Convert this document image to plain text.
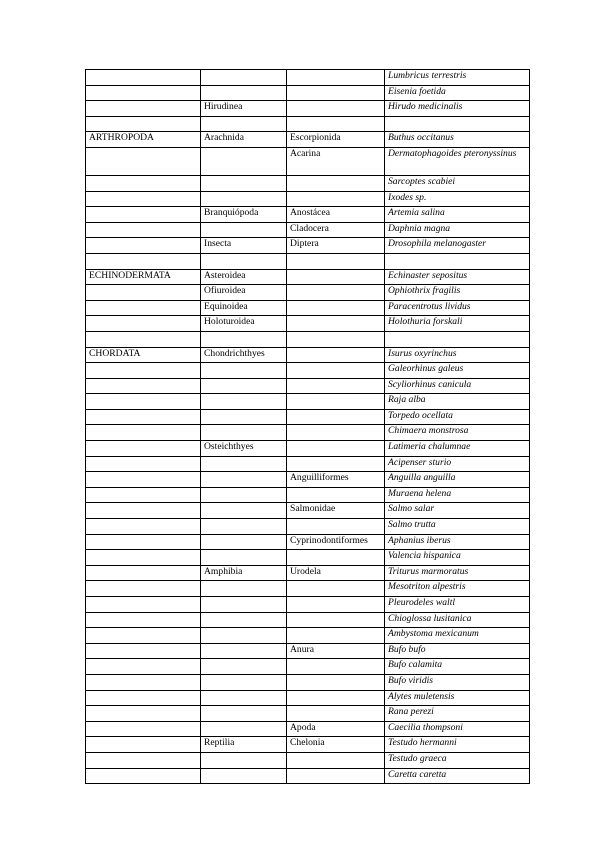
			Lumbricus terrestris
			Eisenia foetida
	Hirudinea		Hirudo medicinalis

ARTHROPODA	Arachnida	Escorpionida	Buthus occitanus
		Acarina	Dermatophagoides pteronyssinus
			Sarcoptes scabiei
			Ixodes sp.
	Branquiópoda	Anostácea	Artemia salina
		Cladocera	Daphnia magna
	Insecta	Diptera	Drosophila melanogaster

ECHINODERMATA	Asteroidea		Echinaster sepositus
	Ofiuroidea		Ophiothrix fragilis
	Equinoidea		Paracentrotus lividus
	Holoturoidea		Holothuria forskali

CHORDATA	Chondrichthyes		Isurus oxyrinchus
			Galeorhinus galeus
			Scyliorhinus canicula
			Raja alba
			Torpedo ocellata
			Chimaera monstrosa
	Osteichthyes		Latimeria chalumnae
			Acipenser sturio
		Anguilliformes	Anguilla anguilla
			Muraena helena
		Salmonidae	Salmo salar
			Salmo trutta
		Cyprinodontiformes	Aphanius iberus
			Valencia hispanica
	Amphibia	Urodela	Triturus marmoratus
			Mesotriton alpestris
			Pleurodeles waltl
			Chioglossa lusitanica
			Ambystoma mexicanum
		Anura	Bufo bufo
			Bufo calamita
			Bufo viridis
			Alytes muletensis
			Rana perezi
		Apoda	Caecilia thompsoni
	Reptilia	Chelonia	Testudo hermanni
			Testudo graeca
			Caretta caretta
